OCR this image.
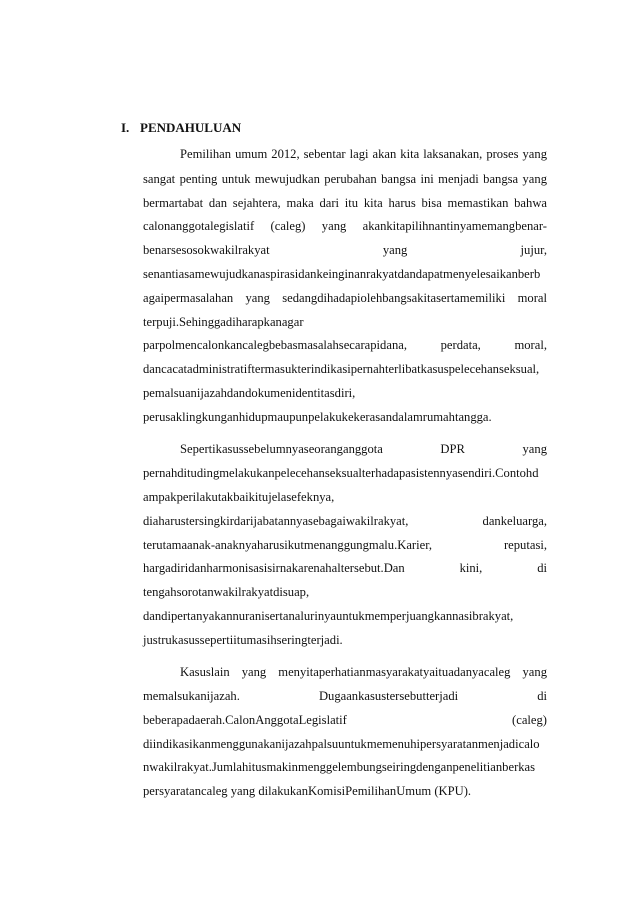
I. PENDAHULUAN
Pemilihan umum 2012, sebentar lagi akan kita laksanakan, proses yang
sangat penting untuk mewujudkan perubahan bangsa ini menjadi bangsa yang
bermartabat dan sejahtera, maka dari itu kita harus bisa memastikan bahwa
calonanggotalegislatif (caleg) yang akankitapilihnantinyamemangbenar-
benarsesosokwakilrakyat yang jujur,
senantiasamewujudkanaspirasidankeinginanrakyatdandapatmenyelesaikanberb
agaipermasalahan yang sedangdihadapiolehbangsakitasertamemiliki moral
terpuji.Sehinggadiharapkanagar
parpolmencalonkancalegbebasmasalahsecarapidana, perdata, moral,
dancacatadministratiftermasukterindikasipernahterlibatkasuspelecehanseksual,
pemalsuanijazahdandokumenidentitasdiri,
perusaklingkunganhidupmaupunpelakukekerasandalamrumahtangga.
Sepertikasussebelumnyaseoranganggota DPR yang
pernahditudingmelakukanpelecehanseksualterhadapasistennyasendiri.Contohd
ampakperilakutakbaikitujelasefeknya,
diaharustersingkirdarijabatannyasebagaiwakilrakyat, dankeluarga,
terutamaanak-anaknyaharusikutmenanggungmalu.Karier, reputasi,
hargadiridanharmonisasisirnakarenahaltersebut.Dan kini, di
tengahsorotanwakilrakyatdisuap,
dandipertanyakannuranisertanalurinyauntukmemperjuangkannasibrakyat,
justrukasussepertiitumasihseringterjadi.
Kasuslain yang menyitaperhatianmasyarakatyaituadanyacaleg yang
memalsukanijazah. Dugaankasustersebutterjadi di
beberapadaerah.CalonAnggotaLegislatif (caleg)
diindikasikanmenggunakanijazahpalsuuntukmemenuhipersyaratanmenjadicalo
nwakilrakyat.Jumlahitusmakinmenggelembungseiringdenganpenelitianberkas
persyaratancaleg yang dilakukanKomisiPemilihanUmum (KPU).
